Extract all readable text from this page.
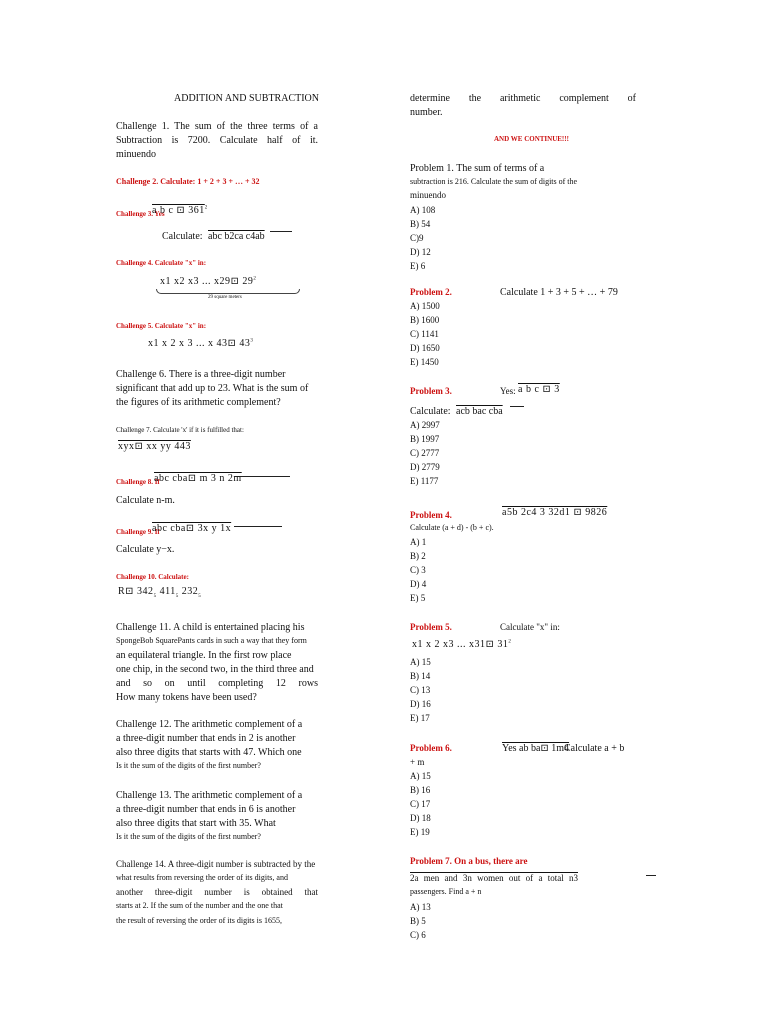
ADDITION AND SUBTRACTION
Challenge 1. The sum of the three terms of a
Subtraction is 7200. Calculate half of it.
minuendo
Challenge 2. Calculate: 1 + 2 + 3 + … + 32
Challenge 3. Yes
a b c ⊡ $361^2$
Calculate: abc b2ca c4ab
Challenge 4. Calculate "x" in:
x1 x2 x3 ... x29⊡ $29^2$
29 square meters
Challenge 5. Calculate "x" in:
x1 x 2 x 3 ... x 43⊡ $43^3$
Challenge 6. There is a three-digit number
significant that add up to 23. What is the sum of
the figures of its arithmetic complement?
Challenge 7. Calculate 'x' if it is fulfilled that:
xyx⊡ xx yy 443
Challenge 8. If
abc cba⊡ m 3 n 2m
Calculate n-m.
Challenge 9. If
abc cba⊡ 3x y 1x
Calculate y−x.
Challenge 10. Calculate:
R⊡ $342_5$ $411_5$ $232_5$
Challenge 11. A child is entertained placing his
SpongeBob SquarePants cards in such a way that they form
an equilateral triangle. In the first row place
one chip, in the second two, in the third three and
and so on until completing 12 rows
How many tokens have been used?
Challenge 12. The arithmetic complement of a
a three-digit number that ends in 2 is another
also three digits that starts with 47. Which one
Is it the sum of the digits of the first number?
Challenge 13. The arithmetic complement of a
a three-digit number that ends in 6 is another
also three digits that start with 35. What
Is it the sum of the digits of the first number?
Challenge 14. A three-digit number is subtracted by the
what results from reversing the order of its digits, and
another three-digit number is obtained that
starts at 2. If the sum of the number and the one that
the result of reversing the order of its digits is 1655,
determine the arithmetic complement of
number.
AND WE CONTINUE!!!
Problem 1. The sum of terms of a
subtraction is 216. Calculate the sum of digits of the
minuendo
A) 108
B) 54
C)9
D) 12
E) 6
Problem 2.	Calculate 1 + 3 + 5 + … + 79
A) 1500
B) 1600
C) 1141
D) 1650
E) 1450
Problem 3.	Yes: a b c ⊡ 3
Calculate: acb bac cba
A) 2997
B) 1997
C) 2777
D) 2779
E) 1177
Problem 4.	a5b 2c4 3 32d1 ⊡ 9826
Calculate (a + d) - (b + c).
A) 1
B) 2
C) 3
D) 4
E) 5
Problem 5.	Calculate "x" in:
x1 x 2 x3 ... x31⊡ $31^2$
A) 15
B) 14
C) 13
D) 16
E) 17
Problem 6.	Yes ab ba⊡ 1m4
Calculate a + b
+ m
A) 15
B) 16
C) 17
D) 18
E) 19
Problem 7. On a bus, there are
2a men and 3n women out of a total n3
passengers. Find a + n
A) 13
B) 5
C) 6
